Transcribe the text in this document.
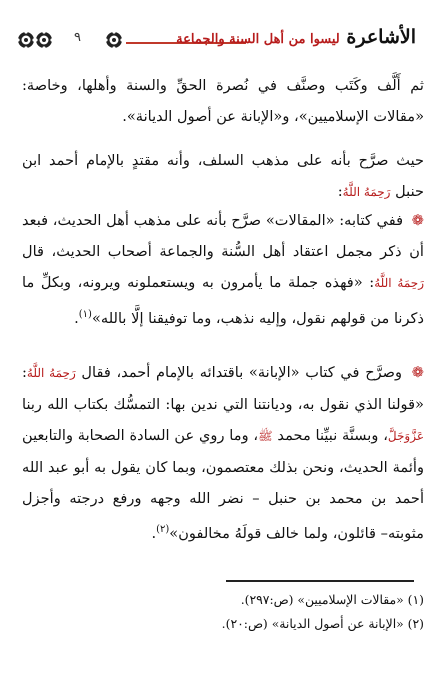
٩	الأشاعرة ليسوا من أهل السنة والجماعة

ثم أَلَّف وكَتَب وصنَّف في نُصرة الحقِّ والسنة وأهلها، وخاصة: «مقالات الإسلاميين»، و«الإبانة عن أصول الديانة».

حيث صرَّح بأنه على مذهب السلف، وأنه مقتدٍ بالإمام أحمد ابن حنبل رَحِمَهُ اللَّهُ:

❁ ففي كتابه: «المقالات» صرَّح بأنه على مذهب أهل الحديث، فبعد أن ذكر مجمل اعتقاد أهل السُّنة والجماعة أصحاب الحديث، قال رَحِمَهُ اللَّهُ: «فهذه جملة ما يأمرون به ويستعملونه ويرونه، وبكلِّ ما ذكرنا من قولهم نقول، وإليه نذهب، وما توفيقنا إلَّا بالله»$^{(١)}$.

❁ وصرَّح في كتاب «الإبانة» باقتدائه بالإمام أحمد، فقال رَحِمَهُ اللَّهُ: «قولنا الذي نقول به، وديانتنا التي ندين بها: التمسُّك بكتاب الله ربنا عَزَّوَجَلَّ، وبسنَّة نبيِّنا محمد ﷺ، وما روي عن السادة الصحابة والتابعين وأئمة الحديث، ونحن بذلك معتصمون، وبما كان يقول به أبو عبد الله أحمد بن محمد بن حنبل – نضر الله وجهه ورفع درجته وأجزل مثوبته– قائلون، ولما خالف قولَهُ مخالفون»$^{(٢)}$.

(١) «مقالات الإسلاميين» (ص:٢٩٧).
(٢) «الإبانة عن أصول الديانة» (ص:٢٠).
